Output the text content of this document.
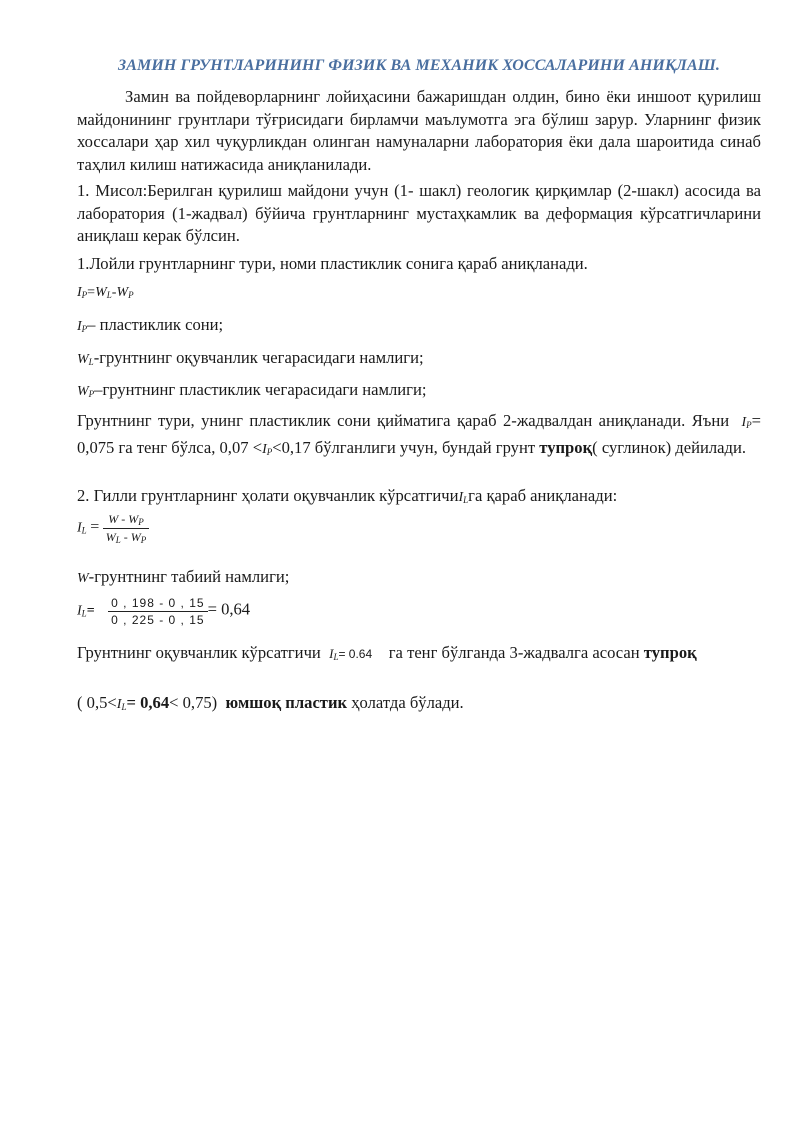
ЗАМИН ГРУНТЛАРИНИНГ ФИЗИК ВА МЕХАНИК ХОССАЛАРИНИ АНИҚЛАШ.

Замин ва пойдеворларнинг лойиҳасини бажаришдан олдин, бино ёки иншоот қурилиш майдонининг грунтлари тўғрисидаги бирламчи маълумотга эга бўлиш зарур. Уларнинг физик хоссалари ҳар хил чуқурликдан олинган намуналарни лаборатория ёки дала шароитида синаб таҳлил килиш натижасида аниқланилади.

1. Мисол:Берилган қурилиш майдони учун (1- шакл) геологик қирқимлар (2-шакл) асосида ва лаборатория (1-жадвал) бўйича грунтларнинг мустаҳкамлик ва деформация кўрсатгичларини аниқлаш керак бўлсин.

1.Лойли грунтларнинг тури, номи пластиклик сонига қараб аниқланади.

$I_P=W_L-W_P$

$I_P-$ пластиклик сони;

$W_L$-грунтнинг оқувчанлик чегарасидаги намлиги;

$W_P$–грунтнинг пластиклик чегарасидаги намлиги;

Грунтнинг тури, унинг пластиклик сони қийматига қараб 2-жадвалдан аниқланади. Яъни  $I_P= 0,075$ га тенг бўлса, $0,07 <I_P<0,17$ бўлганлиги учун, бундай грунт тупроқ( суглинок) дейилади.

2. Гилли грунтларнинг ҳолати оқувчанлик кўрсатгичиI$_L$га қараб аниқланади:

$I_L = \frac{W - W_P}{W_L - W_P}$

W-грунтнинг табиий намлиги;

$I_L= \frac{0 , 198 - 0 , 15}{0 , 225 - 0 , 15} = 0,64$

Грунтнинг оқувчанлик кўрсатгичи $I_L= 0.64$ га тенг бўлганда 3-жадвалга асосан тупроқ

( $0,5<I_L= 0,64< 0,75$) юмшоқ пластик ҳолатда бўлади.
